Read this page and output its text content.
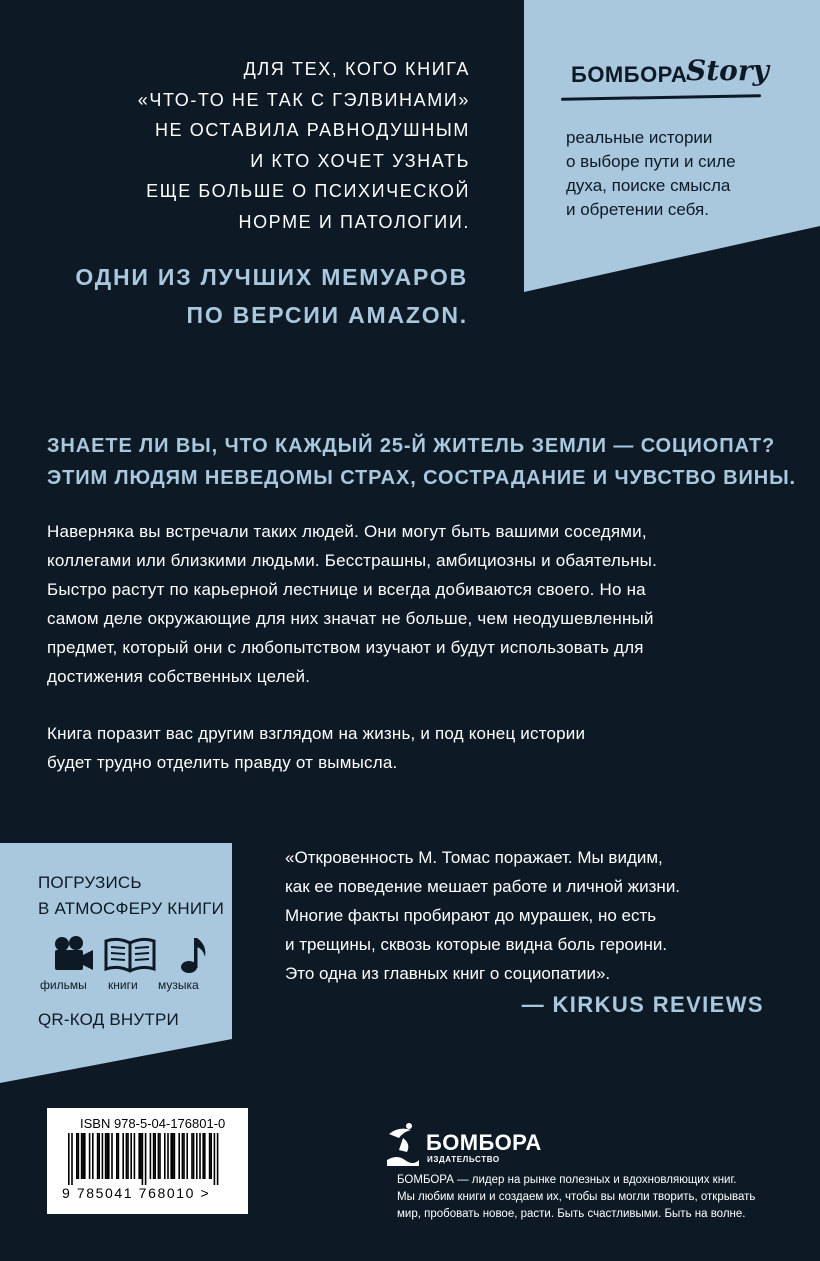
БОМБОРА
Story
реальные истории
о выборе пути и силе
духа, поиске смысла
и обретении себя.
ДЛЯ ТЕХ, КОГО КНИГА
«ЧТО-ТО НЕ ТАК С ГЭЛВИНАМИ»
НЕ ОСТАВИЛА РАВНОДУШНЫМ
И КТО ХОЧЕТ УЗНАТЬ
ЕЩЕ БОЛЬШЕ О ПСИХИЧЕСКОЙ
НОРМЕ И ПАТОЛОГИИ.
ОДНИ ИЗ ЛУЧШИХ МЕМУАРОВ
ПО ВЕРСИИ AMAZON.
ЗНАЕТЕ ЛИ ВЫ, ЧТО КАЖДЫЙ 25-Й ЖИТЕЛЬ ЗЕМЛИ — СОЦИОПАТ?
ЭТИМ ЛЮДЯМ НЕВЕДОМЫ СТРАХ, СОСТРАДАНИЕ И ЧУВСТВО ВИНЫ.
Наверняка вы встречали таких людей. Они могут быть вашими соседями,
коллегами или близкими людьми. Бесстрашны, амбициозны и обаятельны.
Быстро растут по карьерной лестнице и всегда добиваются своего. Но на
самом деле окружающие для них значат не больше, чем неодушевленный
предмет, который они с любопытством изучают и будут использовать для
достижения собственных целей.
Книга поразит вас другим взглядом на жизнь, и под конец истории
будет трудно отделить правду от вымысла.
«Откровенность М. Томас поражает. Мы видим,
как ее поведение мешает работе и личной жизни.
Многие факты пробирают до мурашек, но есть
и трещины, сквозь которые видна боль героини.
Это одна из главных книг о социопатии».
— KIRKUS REVIEWS
ПОГРУЗИСЬ
В АТМОСФЕРУ КНИГИ
фильмы книги музыка
QR-КОД ВНУТРИ
ISBN 978-5-04-176801-0
9 785041 768010 >
БОМБОРА
ИЗДАТЕЛЬСТВО
БОМБОРА — лидер на рынке полезных и вдохновляющих книг.
Мы любим книги и создаем их, чтобы вы могли творить, открывать
мир, пробовать новое, расти. Быть счастливыми. Быть на волне.
